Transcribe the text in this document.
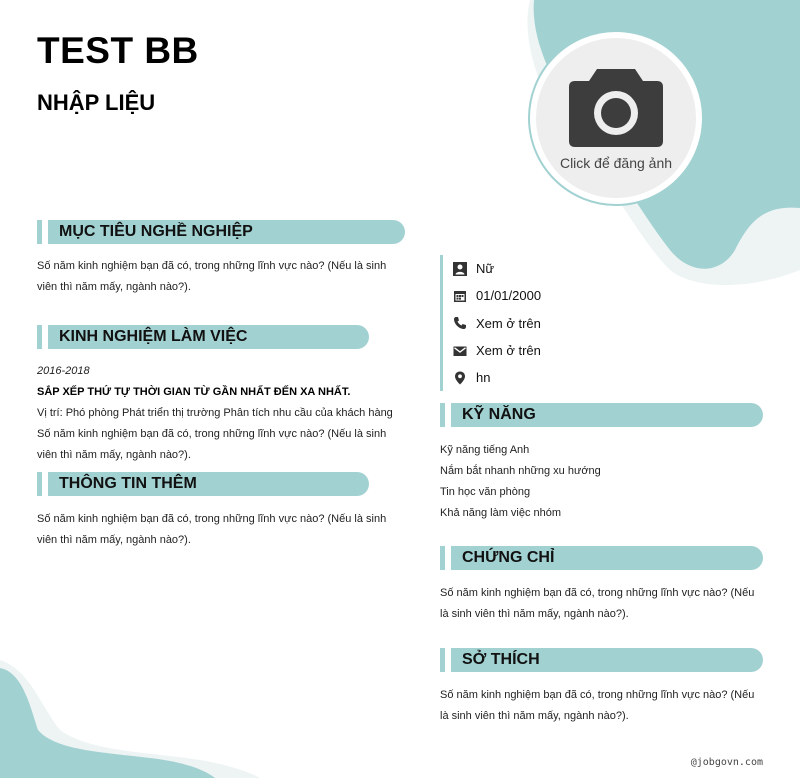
TEST BB
NHẬP LIỆU
Click để đăng ảnh
MỤC TIÊU NGHỀ NGHIỆP

Số năm kinh nghiệm bạn đã có, trong những lĩnh vực nào? (Nếu là sinh viên thì năm mấy, ngành nào?).

KINH NGHIỆM LÀM VIỆC
2016-2018
SẮP XẾP THỨ TỰ THỜI GIAN TỪ GẦN NHẤT ĐẾN XA NHẤT.
Vị trí: Phó phòng Phát triển thị trường Phân tích nhu cầu của khách hàng
Số năm kinh nghiệm bạn đã có, trong những lĩnh vực nào? (Nếu là sinh viên thì năm mấy, ngành nào?).
THÔNG TIN THÊM

Số năm kinh nghiệm bạn đã có, trong những lĩnh vực nào? (Nếu là sinh viên thì năm mấy, ngành nào?).

Nữ
01/01/2000
Xem ở trên
Xem ở trên
hn
KỸ NĂNG
Kỹ năng tiếng Anh
Nắm bắt nhanh những xu hướng
Tin học văn phòng
Khả năng làm việc nhóm
CHỨNG CHỈ

Số năm kinh nghiệm bạn đã có, trong những lĩnh vực nào? (Nếu là sinh viên thì năm mấy, ngành nào?).

SỞ THÍCH

Số năm kinh nghiệm bạn đã có, trong những lĩnh vực nào? (Nếu là sinh viên thì năm mấy, ngành nào?).

@jobgovn.com
